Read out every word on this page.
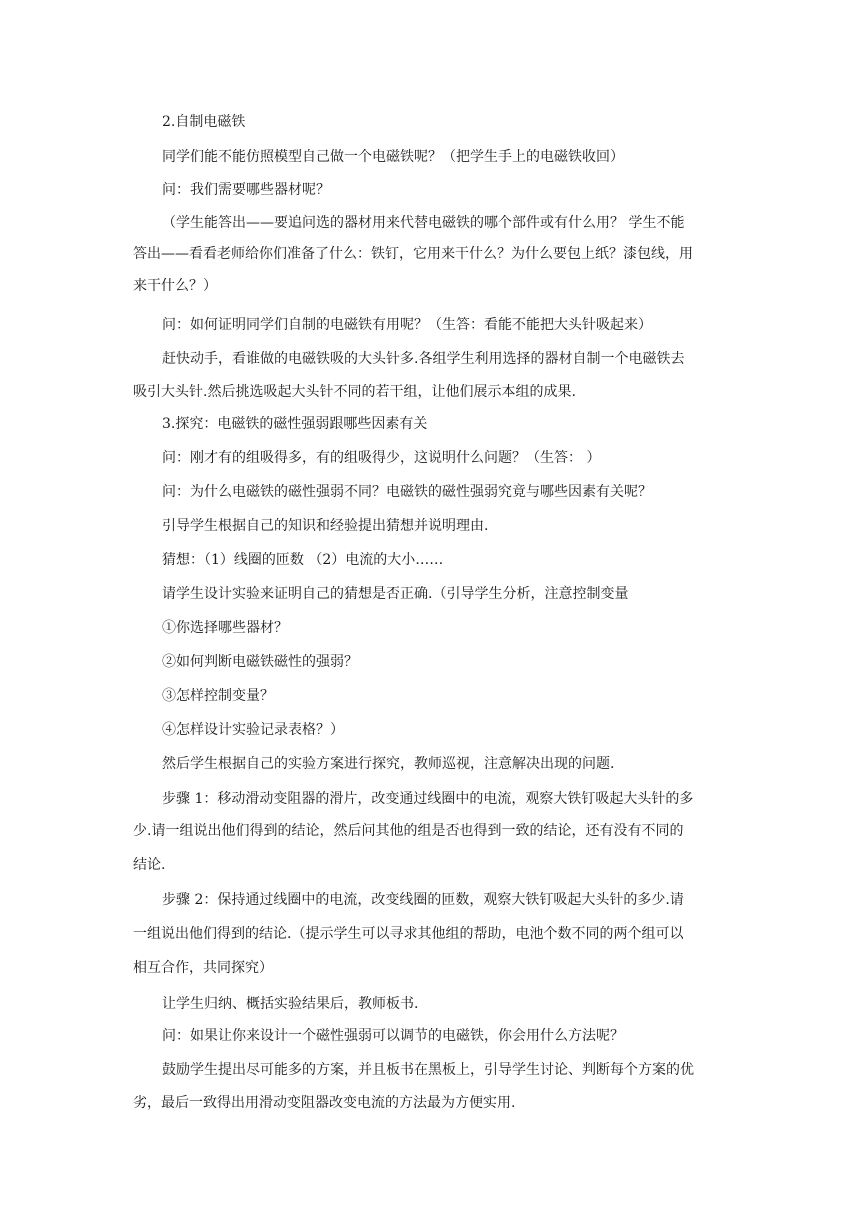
2.自制电磁铁
同学们能不能仿照模型自己做一个电磁铁呢？（把学生手上的电磁铁收回）
问：我们需要哪些器材呢？
（学生能答出——要追问选的器材用来代替电磁铁的哪个部件或有什么用？ 学生不能
答出——看看老师给你们准备了什么：铁钉，它用来干什么？为什么要包上纸？漆包线，用
来干什么？）
问：如何证明同学们自制的电磁铁有用呢？（生答：看能不能把大头针吸起来）
赶快动手，看谁做的电磁铁吸的大头针多.各组学生利用选择的器材自制一个电磁铁去
吸引大头针.然后挑选吸起大头针不同的若干组，让他们展示本组的成果.
3.探究：电磁铁的磁性强弱跟哪些因素有关
问：刚才有的组吸得多，有的组吸得少，这说明什么问题？（生答： ）
问：为什么电磁铁的磁性强弱不同？电磁铁的磁性强弱究竟与哪些因素有关呢？
引导学生根据自己的知识和经验提出猜想并说明理由.
猜想：（1）线圈的匝数 （2）电流的大小……
请学生设计实验来证明自己的猜想是否正确.（引导学生分析，注意控制变量
①你选择哪些器材？
②如何判断电磁铁磁性的强弱？
③怎样控制变量？
④怎样设计实验记录表格？）
然后学生根据自己的实验方案进行探究，教师巡视，注意解决出现的问题.
步骤 1：移动滑动变阻器的滑片，改变通过线圈中的电流，观察大铁钉吸起大头针的多
少.请一组说出他们得到的结论，然后问其他的组是否也得到一致的结论，还有没有不同的
结论.
步骤 2：保持通过线圈中的电流，改变线圈的匝数，观察大铁钉吸起大头针的多少.请
一组说出他们得到的结论.（提示学生可以寻求其他组的帮助，电池个数不同的两个组可以
相互合作，共同探究）
让学生归纳、概括实验结果后，教师板书.
问：如果让你来设计一个磁性强弱可以调节的电磁铁，你会用什么方法呢？
鼓励学生提出尽可能多的方案，并且板书在黑板上，引导学生讨论、判断每个方案的优
劣，最后一致得出用滑动变阻器改变电流的方法最为方便实用.
